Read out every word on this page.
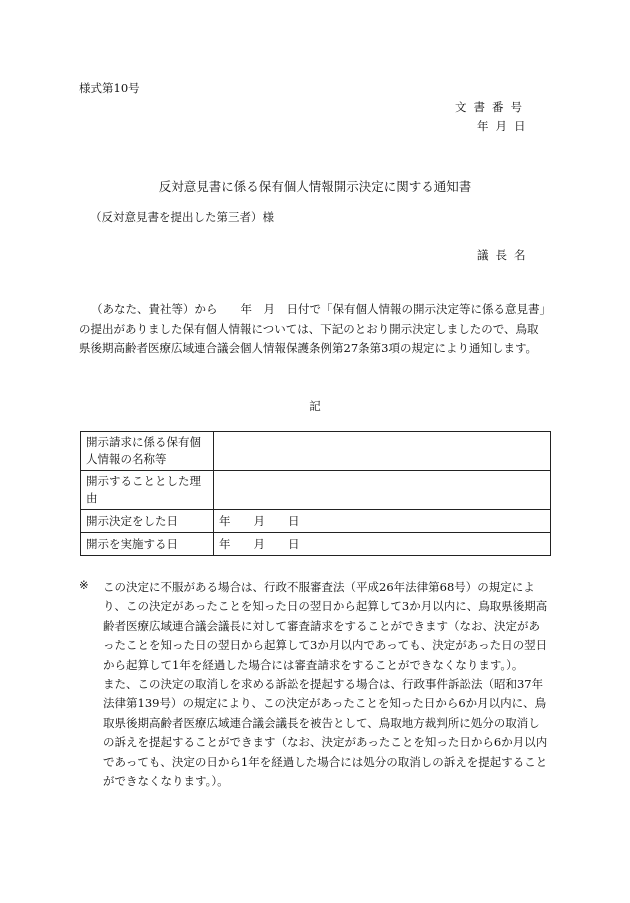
様式第10号

文書番号

年月日

反対意見書に係る保有個人情報開示決定に関する通知書

（反対意見書を提出した第三者）様

議長名

（あなた、貴社等）から　　年　月　日付で「保有個人情報の開示決定等に係る意見書」の提出がありました保有個人情報については、下記のとおり開示決定しましたので、鳥取県後期高齢者医療広域連合議会個人情報保護条例第27条第3項の規定により通知します。

記

開示請求に係る保有個人情報の名称等	
開示することとした理由	
開示決定をした日	年　　月　　日
開示を実施する日	年　　月　　日
※ この決定に不服がある場合は、行政不服審査法（平成26年法律第68号）の規定により、この決定があったことを知った日の翌日から起算して3か月以内に、鳥取県後期高齢者医療広域連合議会議長に対して審査請求をすることができます（なお、決定があったことを知った日の翌日から起算して3か月以内であっても、決定があった日の翌日から起算して1年を経過した場合には審査請求をすることができなくなります。）。

また、この決定の取消しを求める訴訟を提起する場合は、行政事件訴訟法（昭和37年法律第139号）の規定により、この決定があったことを知った日から6か月以内に、鳥取県後期高齢者医療広域連合議会議長を被告として、鳥取地方裁判所に処分の取消しの訴えを提起することができます（なお、決定があったことを知った日から6か月以内であっても、決定の日から1年を経過した場合には処分の取消しの訴えを提起することができなくなります。）。
